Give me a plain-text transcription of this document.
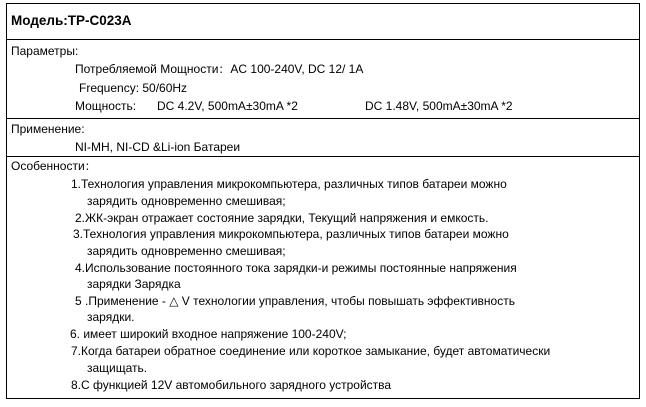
Модель:TP-C023A
Параметры:
Потребляемой Мощности：AC 100-240V, DC 12/ 1A
Frequency: 50/60Hz
Мощность: DC 4.2V, 500mA±30mA *2	DC 1.48V, 500mA±30mA *2
Применение:
NI-MH, NI-CD &Li-ion Батареи
Особенности：
1.Технология управления микрокомпьютера, различных типов батареи можно
зарядить одновременно смешивая;
2.ЖК-экран отражает состояние зарядки, Текущий напряжения и емкость.
3.Технология управления микрокомпьютера, различных типов батареи можно
зарядить одновременно смешивая;
4.Использование постоянного тока зарядки-и режимы постоянные напряжения
зарядки Зарядка
5 .Применение - △ V технологии управления, чтобы повышать эффективность
зарядки.
6. имеет широкий входное напряжение 100-240V;
7.Когда батареи обратное соединение или короткое замыкание, будет автоматически
защищать.
8.С функцией 12V автомобильного зарядного устройства
